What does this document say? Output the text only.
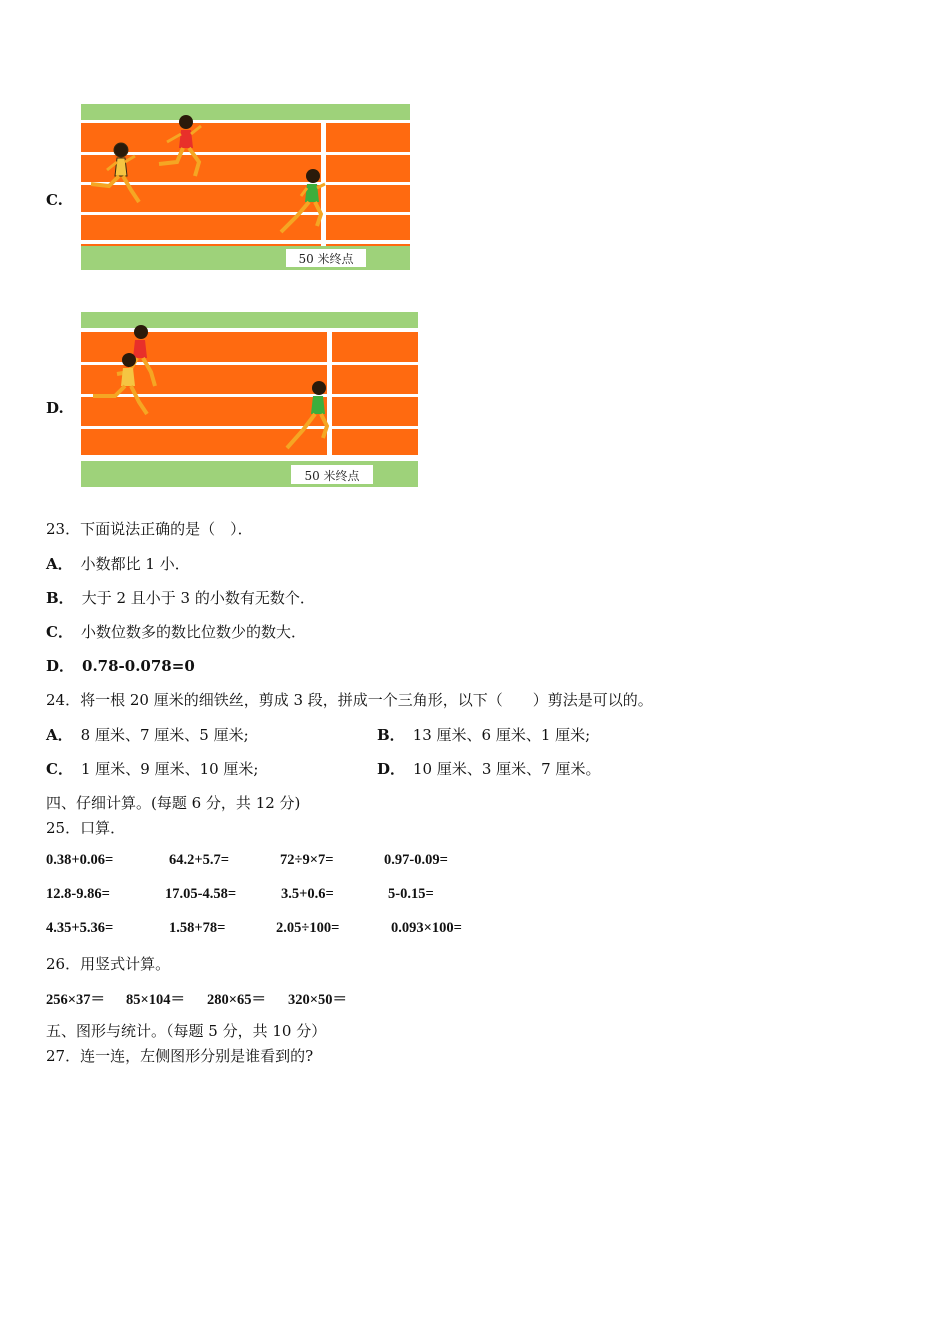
C.
50 米终点
D.
50 米终点
23．下面说法正确的是（　）．
A． 小数都比 1 小．
B． 大于 2 且小于 3 的小数有无数个．
C． 小数位数多的数比位数少的数大．
D． 0.78-0.078=0
24．将一根 20 厘米的细铁丝，剪成 3 段，拼成一个三角形，以下（　　）剪法是可以的。
A． 8 厘米、7 厘米、5 厘米;	B． 13 厘米、6 厘米、1 厘米;
C． 1 厘米、9 厘米、10 厘米;	D． 10 厘米、3 厘米、7 厘米。
四、仔细计算。(每题 6 分，共 12 分)
25．口算．
0.38+0.06=	64.2+5.7=	72÷9×7=	0.97-0.09=
12.8-9.86=	17.05-4.58=	3.5+0.6=	5-0.15=
4.35+5.36=	1.58+78=	2.05÷100=	0.093×100=
26．用竖式计算。
256×37＝ 85×104＝ 280×65＝ 320×50＝
五、图形与统计。（每题 5 分，共 10 分）
27．连一连，左侧图形分别是谁看到的?
